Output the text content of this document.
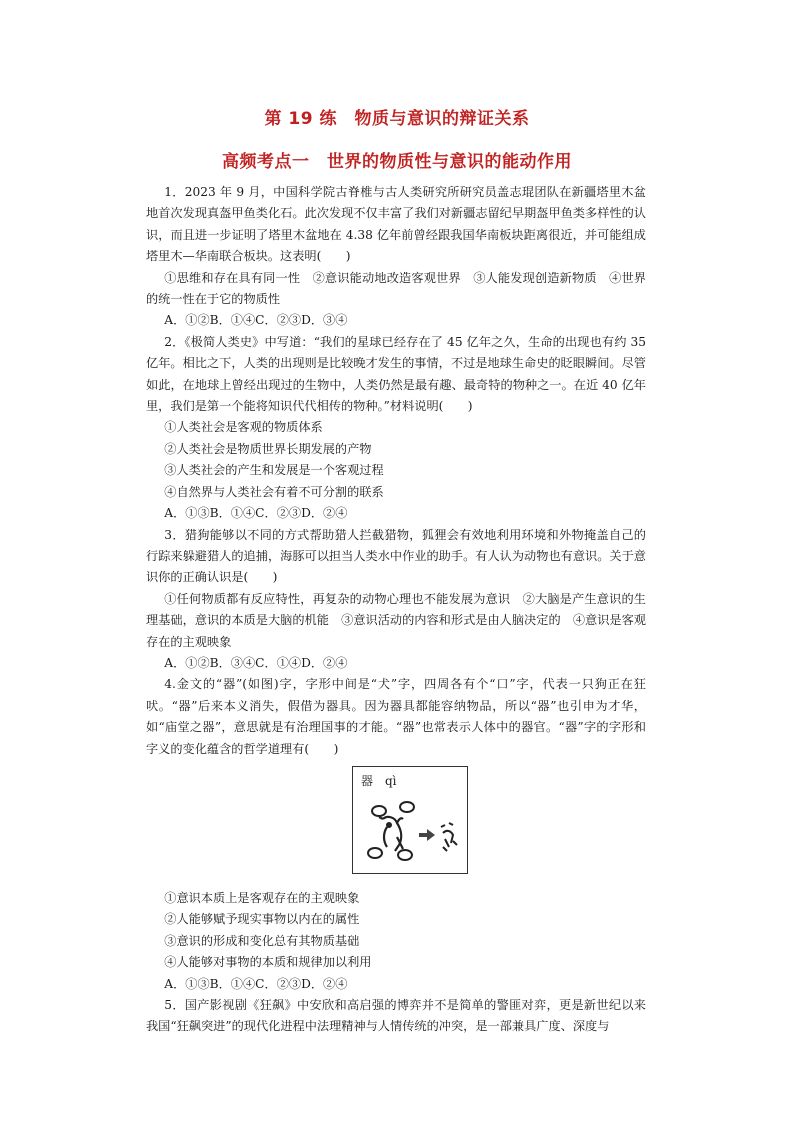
第 19 练　物质与意识的辩证关系
高频考点一　世界的物质性与意识的能动作用

1．2023 年 9 月，中国科学院古脊椎与古人类研究所研究员盖志琨团队在新疆塔里木盆地首次发现真盔甲鱼类化石。此次发现不仅丰富了我们对新疆志留纪早期盔甲鱼类多样性的认识，而且进一步证明了塔里木盆地在 4.38 亿年前曾经跟我国华南板块距离很近，并可能组成塔里木—华南联合板块。这表明(　　)

①思维和存在具有同一性　②意识能动地改造客观世界　③人能发现创造新物质　④世界的统一性在于它的物质性

A．①②B．①④C．②③D．③④

2．《极简人类史》中写道：“我们的星球已经存在了 45 亿年之久，生命的出现也有约 35 亿年。相比之下，人类的出现则是比较晚才发生的事情，不过是地球生命史的眨眼瞬间。尽管如此，在地球上曾经出现过的生物中，人类仍然是最有趣、最奇特的物种之一。在近 40 亿年里，我们是第一个能将知识代代相传的物种。”材料说明(　　)

①人类社会是客观的物质体系

②人类社会是物质世界长期发展的产物

③人类社会的产生和发展是一个客观过程

④自然界与人类社会有着不可分割的联系

A．①③B．①④C．②③D．②④

3．猎狗能够以不同的方式帮助猎人拦截猎物，狐狸会有效地利用环境和外物掩盖自己的行踪来躲避猎人的追捕，海豚可以担当人类水中作业的助手。有人认为动物也有意识。关于意识你的正确认识是(　　)

①任何物质都有反应特性，再复杂的动物心理也不能发展为意识　②大脑是产生意识的生理基础，意识的本质是大脑的机能　③意识活动的内容和形式是由人脑决定的　④意识是客观存在的主观映象

A．①②B．③④C．①④D．②④

4.金文的“器”(如图)字，字形中间是“犬”字，四周各有个“口”字，代表一只狗正在狂吠。“器”后来本义消失，假借为器具。因为器具都能容纳物品，所以“器”也引申为才华，如“庙堂之器”，意思就是有治理国事的才能。“器”也常表示人体中的器官。“器”字的字形和字义的变化蕴含的哲学道理有(　　)

器　qì

①意识本质上是客观存在的主观映象

②人能够赋予现实事物以内在的属性

③意识的形成和变化总有其物质基础

④人能够对事物的本质和规律加以利用

A．①③B．①④C．②③D．②④

5．国产影视剧《狂飙》中安欣和高启强的博弈并不是简单的警匪对弈，更是新世纪以来我国“狂飙突进”的现代化进程中法理精神与人情传统的冲突，是一部兼具广度、深度与
